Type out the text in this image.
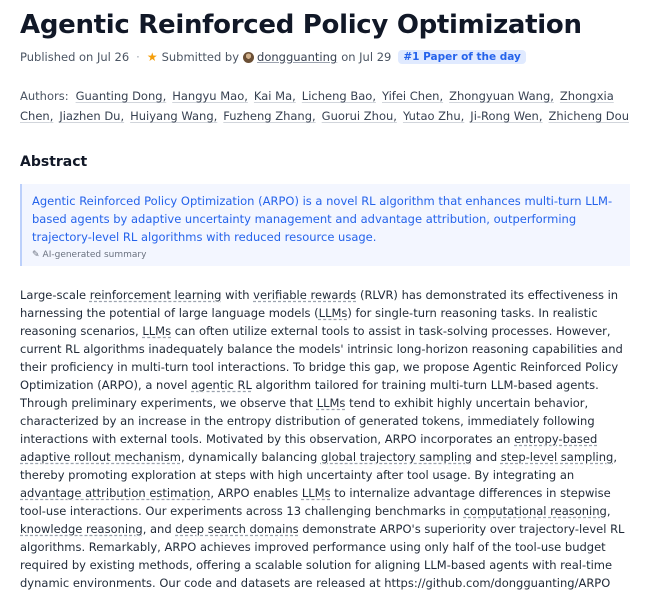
Agentic Reinforced Policy Optimization
Published on Jul 26 · ★ Submitted by dongguanting on Jul 29	#1 Paper of the day
Authors: Guanting Dong , Hangyu Mao , Kai Ma , Licheng Bao , Yifei Chen , Zhongyuan Wang , Zhongxia Chen , Jiazhen Du , Huiyang Wang , Fuzheng Zhang , Guorui Zhou , Yutao Zhu , Ji-Rong Wen , Zhicheng Dou
Abstract
Agentic Reinforced Policy Optimization (ARPO) is a novel RL algorithm that enhances multi-turn LLM-based agents by adaptive uncertainty management and advantage attribution, outperforming trajectory-level RL algorithms with reduced resource usage.
✎ AI-generated summary
Large-scale reinforcement learning with verifiable rewards (RLVR) has demonstrated its effectiveness in harnessing the potential of large language models (LLMs) for single-turn reasoning tasks. In realistic reasoning scenarios, LLMs can often utilize external tools to assist in task-solving processes. However, current RL algorithms inadequately balance the models' intrinsic long-horizon reasoning capabilities and their proficiency in multi-turn tool interactions. To bridge this gap, we propose Agentic Reinforced Policy Optimization (ARPO), a novel agentic RL algorithm tailored for training multi-turn LLM-based agents. Through preliminary experiments, we observe that LLMs tend to exhibit highly uncertain behavior, characterized by an increase in the entropy distribution of generated tokens, immediately following interactions with external tools. Motivated by this observation, ARPO incorporates an entropy-based adaptive rollout mechanism, dynamically balancing global trajectory sampling and step-level sampling, thereby promoting exploration at steps with high uncertainty after tool usage. By integrating an advantage attribution estimation, ARPO enables LLMs to internalize advantage differences in stepwise tool-use interactions. Our experiments across 13 challenging benchmarks in computational reasoning, knowledge reasoning, and deep search domains demonstrate ARPO's superiority over trajectory-level RL algorithms. Remarkably, ARPO achieves improved performance using only half of the tool-use budget required by existing methods, offering a scalable solution for aligning LLM-based agents with real-time dynamic environments. Our code and datasets are released at https://github.com/dongguanting/ARPO
